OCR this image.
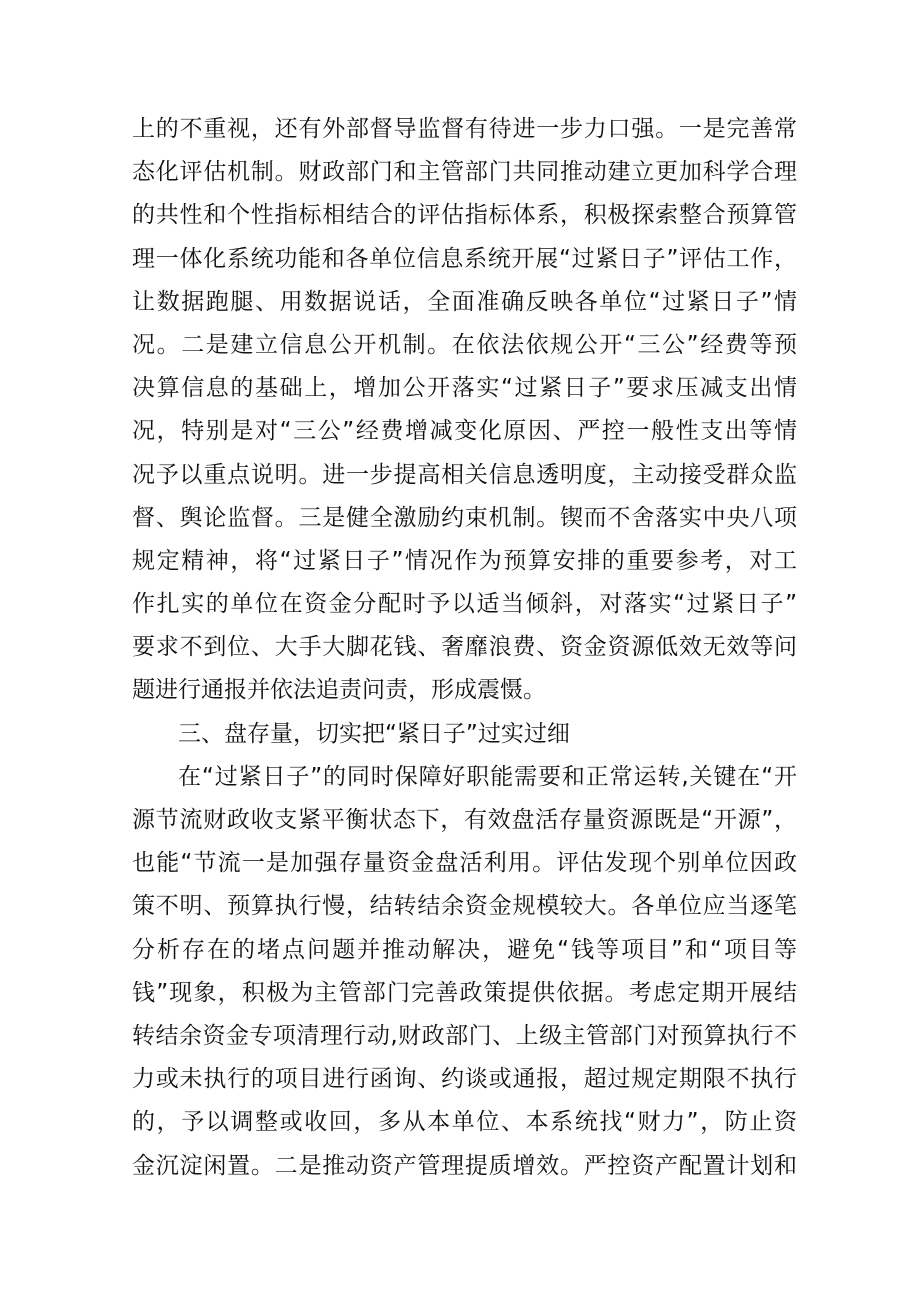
上的不重视，还有外部督导监督有待进一步力口强。一是完善常
态化评估机制。财政部门和主管部门共同推动建立更加科学合理
的共性和个性指标相结合的评估指标体系，积极探索整合预算管
理一体化系统功能和各单位信息系统开展“过紧日子”评估工作，
让数据跑腿、用数据说话，全面准确反映各单位“过紧日子”情
况。二是建立信息公开机制。在依法依规公开“三公”经费等预
决算信息的基础上，增加公开落实“过紧日子”要求压减支出情
况，特别是对“三公”经费增减变化原因、严控一般性支出等情
况予以重点说明。进一步提高相关信息透明度，主动接受群众监
督、舆论监督。三是健全激励约束机制。锲而不舍落实中央八项
规定精神，将“过紧日子”情况作为预算安排的重要参考，对工
作扎实的单位在资金分配时予以适当倾斜，对落实“过紧日子”
要求不到位、大手大脚花钱、奢靡浪费、资金资源低效无效等问
题进行通报并依法追责问责，形成震慑。
三、盘存量，切实把“紧日子”过实过细
在“过紧日子”的同时保障好职能需要和正常运转,关键在“开
源节流财政收支紧平衡状态下，有效盘活存量资源既是“开源”，
也能“节流一是加强存量资金盘活利用。评估发现个别单位因政
策不明、预算执行慢，结转结余资金规模较大。各单位应当逐笔
分析存在的堵点问题并推动解决，避免“钱等项目”和“项目等
钱”现象，积极为主管部门完善政策提供依据。考虑定期开展结
转结余资金专项清理行动,财政部门、上级主管部门对预算执行不
力或未执行的项目进行函询、约谈或通报，超过规定期限不执行
的，予以调整或收回，多从本单位、本系统找“财力”，防止资
金沉淀闲置。二是推动资产管理提质增效。严控资产配置计划和
